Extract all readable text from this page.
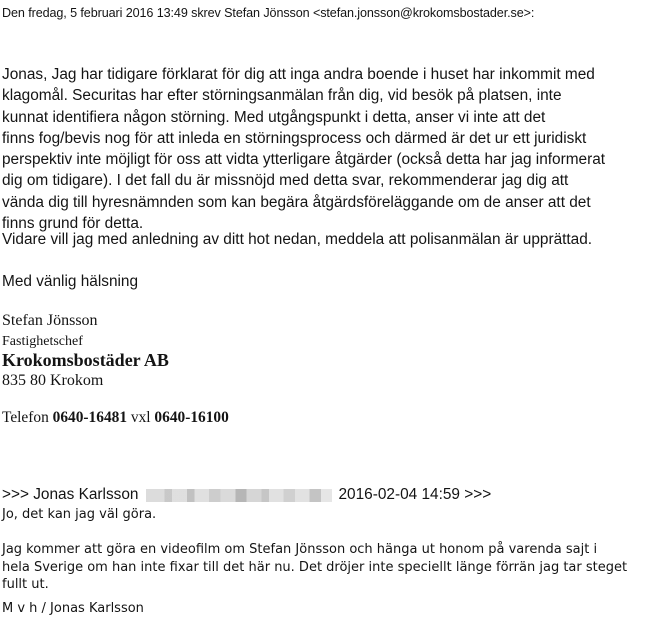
Den fredag, 5 februari 2016 13:49 skrev Stefan Jönsson <stefan.jonsson@krokomsbostader.se>:
Jonas, Jag har tidigare förklarat för dig att inga andra boende i huset har inkommit med
klagomål. Securitas har efter störningsanmälan från dig, vid besök på platsen, inte
kunnat identifiera någon störning. Med utgångspunkt i detta, anser vi inte att det
finns fog/bevis nog för att inleda en störningsprocess och därmed är det ur ett juridiskt
perspektiv inte möjligt för oss att vidta ytterligare åtgärder (också detta har jag informerat
dig om tidigare). I det fall du är missnöjd med detta svar, rekommenderar jag dig att
vända dig till hyresnämnden som kan begära åtgärdsföreläggande om de anser att det
finns grund för detta.
Vidare vill jag med anledning av ditt hot nedan, meddela att polisanmälan är upprättad.
Med vänlig hälsning
Stefan Jönsson
Fastighetschef
Krokomsbostäder AB
835 80 Krokom
Telefon 0640-16481 vxl 0640-16100
>>> Jonas Karlsson	2016-02-04 14:59 >>>
Jo, det kan jag väl göra.
Jag kommer att göra en videofilm om Stefan Jönsson och hänga ut honom på varenda sajt i
hela Sverige om han inte fixar till det här nu. Det dröjer inte speciellt länge förrän jag tar steget
fullt ut.
M v h / Jonas Karlsson
